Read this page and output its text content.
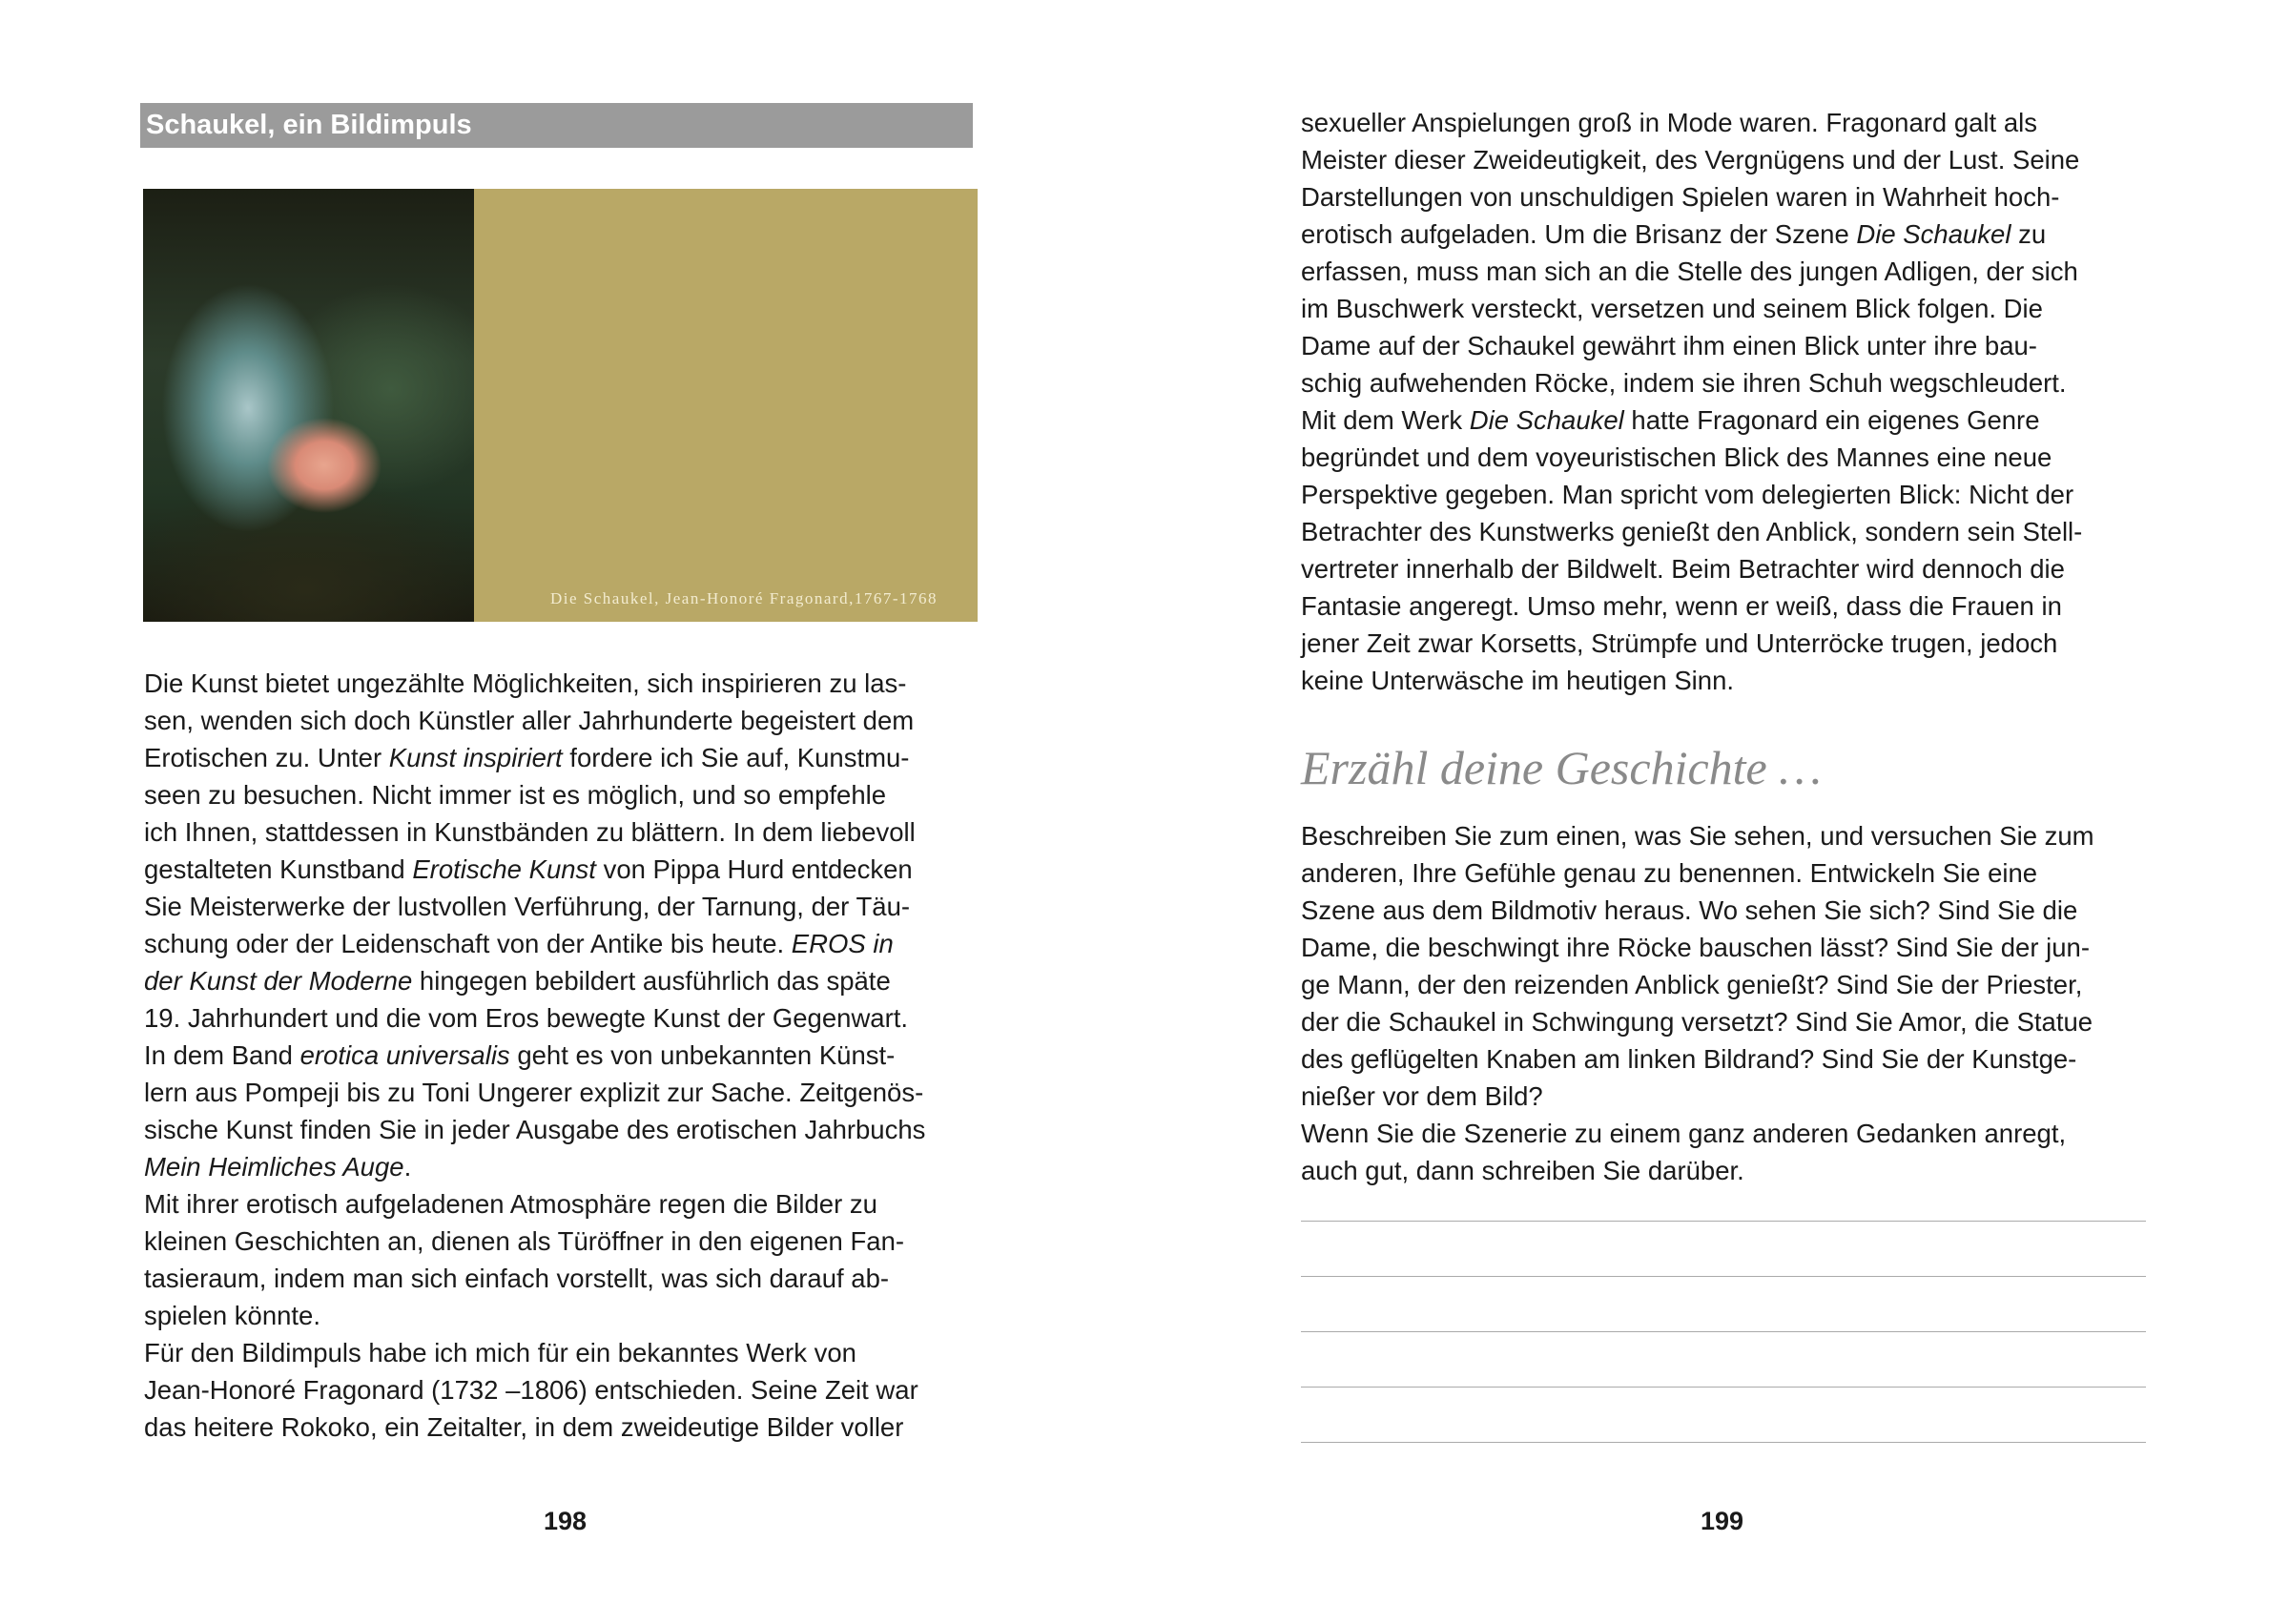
Schaukel, ein Bildimpuls
Die Schaukel, Jean-Honoré Fragonard,1767-1768
Die Kunst bietet ungezählte Möglichkeiten, sich inspirieren zu las-
sen, wenden sich doch Künstler aller Jahrhunderte begeistert dem
Erotischen zu. Unter Kunst inspiriert fordere ich Sie auf, Kunstmu-
seen zu besuchen. Nicht immer ist es möglich, und so empfehle
ich Ihnen, stattdessen in Kunstbänden zu blättern. In dem liebevoll
gestalteten Kunstband Erotische Kunst von Pippa Hurd entdecken
Sie Meisterwerke der lustvollen Verführung, der Tarnung, der Täu-
schung oder der Leidenschaft von der Antike bis heute. EROS in
der Kunst der Moderne hingegen bebildert ausführlich das späte
19. Jahrhundert und die vom Eros bewegte Kunst der Gegenwart.
In dem Band erotica universalis geht es von unbekannten Künst-
lern aus Pompeji bis zu Toni Ungerer explizit zur Sache. Zeitgenös-
sische Kunst finden Sie in jeder Ausgabe des erotischen Jahrbuchs
Mein Heimliches Auge.
Mit ihrer erotisch aufgeladenen Atmosphäre regen die Bilder zu
kleinen Geschichten an, dienen als Türöffner in den eigenen Fan-
tasieraum, indem man sich einfach vorstellt, was sich darauf ab-
spielen könnte.
Für den Bildimpuls habe ich mich für ein bekanntes Werk von
Jean-Honoré Fragonard (1732 –1806) entschieden. Seine Zeit war
das heitere Rokoko, ein Zeitalter, in dem zweideutige Bilder voller
198
sexueller Anspielungen groß in Mode waren. Fragonard galt als
Meister dieser Zweideutigkeit, des Vergnügens und der Lust. Seine
Darstellungen von unschuldigen Spielen waren in Wahrheit hoch-
erotisch aufgeladen. Um die Brisanz der Szene Die Schaukel zu
erfassen, muss man sich an die Stelle des jungen Adligen, der sich
im Buschwerk versteckt, versetzen und seinem Blick folgen. Die
Dame auf der Schaukel gewährt ihm einen Blick unter ihre bau-
schig aufwehenden Röcke, indem sie ihren Schuh wegschleudert.
Mit dem Werk Die Schaukel hatte Fragonard ein eigenes Genre
begründet und dem voyeuristischen Blick des Mannes eine neue
Perspektive gegeben. Man spricht vom delegierten Blick: Nicht der
Betrachter des Kunstwerks genießt den Anblick, sondern sein Stell-
vertreter innerhalb der Bildwelt. Beim Betrachter wird dennoch die
Fantasie angeregt. Umso mehr, wenn er weiß, dass die Frauen in
jener Zeit zwar Korsetts, Strümpfe und Unterröcke trugen, jedoch
keine Unterwäsche im heutigen Sinn.
Erzähl deine Geschichte …
Beschreiben Sie zum einen, was Sie sehen, und versuchen Sie zum
anderen, Ihre Gefühle genau zu benennen. Entwickeln Sie eine
Szene aus dem Bildmotiv heraus. Wo sehen Sie sich? Sind Sie die
Dame, die beschwingt ihre Röcke bauschen lässt? Sind Sie der jun-
ge Mann, der den reizenden Anblick genießt? Sind Sie der Priester,
der die Schaukel in Schwingung versetzt? Sind Sie Amor, die Statue
des geflügelten Knaben am linken Bildrand? Sind Sie der Kunstge-
nießer vor dem Bild?
Wenn Sie die Szenerie zu einem ganz anderen Gedanken anregt,
auch gut, dann schreiben Sie darüber.
199
